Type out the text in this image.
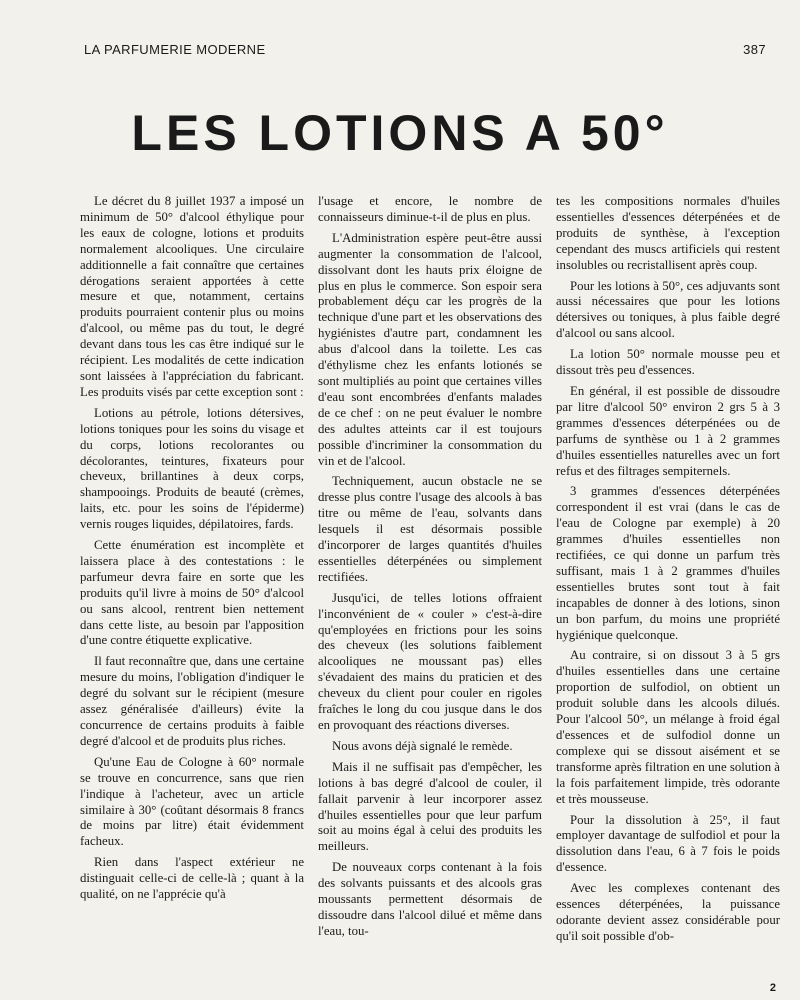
LA PARFUMERIE MODERNE	387
LES LOTIONS A 50°

Le décret du 8 juillet 1937 a imposé un minimum de 50° d'alcool éthylique pour les eaux de cologne, lotions et produits normalement alcooliques. Une circulaire additionnelle a fait connaître que certaines dérogations seraient apportées à cette mesure et que, notamment, certains produits pourraient contenir plus ou moins d'alcool, ou même pas du tout, le degré devant dans tous les cas être indiqué sur le récipient. Les modalités de cette indication sont laissées à l'appréciation du fabricant. Les produits visés par cette exception sont :

Lotions au pétrole, lotions détersives, lotions toniques pour les soins du visage et du corps, lotions recolorantes ou décolorantes, teintures, fixateurs pour cheveux, brillantines à deux corps, shampooings. Produits de beauté (crèmes, laits, etc. pour les soins de l'épiderme) vernis rouges liquides, dépilatoires, fards.

Cette énumération est incomplète et laissera place à des contestations : le parfumeur devra faire en sorte que les produits qu'il livre à moins de 50° d'alcool ou sans alcool, rentrent bien nettement dans cette liste, au besoin par l'apposition d'une contre étiquette explicative.

Il faut reconnaître que, dans une certaine mesure du moins, l'obligation d'indiquer le degré du solvant sur le récipient (mesure assez généralisée d'ailleurs) évite la concurrence de certains produits à faible degré d'alcool et de produits plus riches.

Qu'une Eau de Cologne à 60° normale se trouve en concurrence, sans que rien l'indique à l'acheteur, avec un article similaire à 30° (coûtant désormais 8 francs de moins par litre) était évidemment facheux.

Rien dans l'aspect extérieur ne distinguait celle-ci de celle-là ; quant à la qualité, on ne l'apprécie qu'à

l'usage et encore, le nombre de connaisseurs diminue-t-il de plus en plus.

L'Administration espère peut-être aussi augmenter la consommation de l'alcool, dissolvant dont les hauts prix éloigne de plus en plus le commerce. Son espoir sera probablement déçu car les progrès de la technique d'une part et les observations des hygiénistes d'autre part, condamnent les abus d'alcool dans la toilette. Les cas d'éthylisme chez les enfants lotionés se sont multipliés au point que certaines villes d'eau sont encombrées d'enfants malades de ce chef : on ne peut évaluer le nombre des adultes atteints car il est toujours possible d'incriminer la consommation du vin et de l'alcool.

Techniquement, aucun obstacle ne se dresse plus contre l'usage des alcools à bas titre ou même de l'eau, solvants dans lesquels il est désormais possible d'incorporer de larges quantités d'huiles essentielles déterpénées ou simplement rectifiées.

Jusqu'ici, de telles lotions offraient l'inconvénient de « couler » c'est-à-dire qu'employées en frictions pour les soins des cheveux (les solutions faiblement alcooliques ne moussant pas) elles s'évadaient des mains du praticien et des cheveux du client pour couler en rigoles fraîches le long du cou jusque dans le dos en provoquant des réactions diverses.

Nous avons déjà signalé le remède.

Mais il ne suffisait pas d'empêcher, les lotions à bas degré d'alcool de couler, il fallait parvenir à leur incorporer assez d'huiles essentielles pour que leur parfum soit au moins égal à celui des produits les meilleurs.

De nouveaux corps contenant à la fois des solvants puissants et des alcools gras moussants permettent désormais de dissoudre dans l'alcool dilué et même dans l'eau, tou-

tes les compositions normales d'huiles essentielles d'essences déterpénées et de produits de synthèse, à l'exception cependant des muscs artificiels qui restent insolubles ou recristallisent après coup.

Pour les lotions à 50°, ces adjuvants sont aussi nécessaires que pour les lotions détersives ou toniques, à plus faible degré d'alcool ou sans alcool.

La lotion 50° normale mousse peu et dissout très peu d'essences.

En général, il est possible de dissoudre par litre d'alcool 50° environ 2 grs 5 à 3 grammes d'essences déterpénées ou de parfums de synthèse ou 1 à 2 grammes d'huiles essentielles naturelles avec un fort refus et des filtrages sempiternels.

3 grammes d'essences déterpénées correspondent il est vrai (dans le cas de l'eau de Cologne par exemple) à 20 grammes d'huiles essentielles non rectifiées, ce qui donne un parfum très suffisant, mais 1 à 2 grammes d'huiles essentielles brutes sont tout à fait incapables de donner à des lotions, sinon un bon parfum, du moins une propriété hygiénique quelconque.

Au contraire, si on dissout 3 à 5 grs d'huiles essentielles dans une certaine proportion de sulfodiol, on obtient un produit soluble dans les alcools dilués. Pour l'alcool 50°, un mélange à froid égal d'essences et de sulfodiol donne un complexe qui se dissout aisément et se transforme après filtration en une solution à la fois parfaitement limpide, très odorante et très mousseuse.

Pour la dissolution à 25°, il faut employer davantage de sulfodiol et pour la dissolution dans l'eau, 6 à 7 fois le poids d'essence.

Avec les complexes contenant des essences déterpénées, la puissance odorante devient assez considérable pour qu'il soit possible d'ob-

2
